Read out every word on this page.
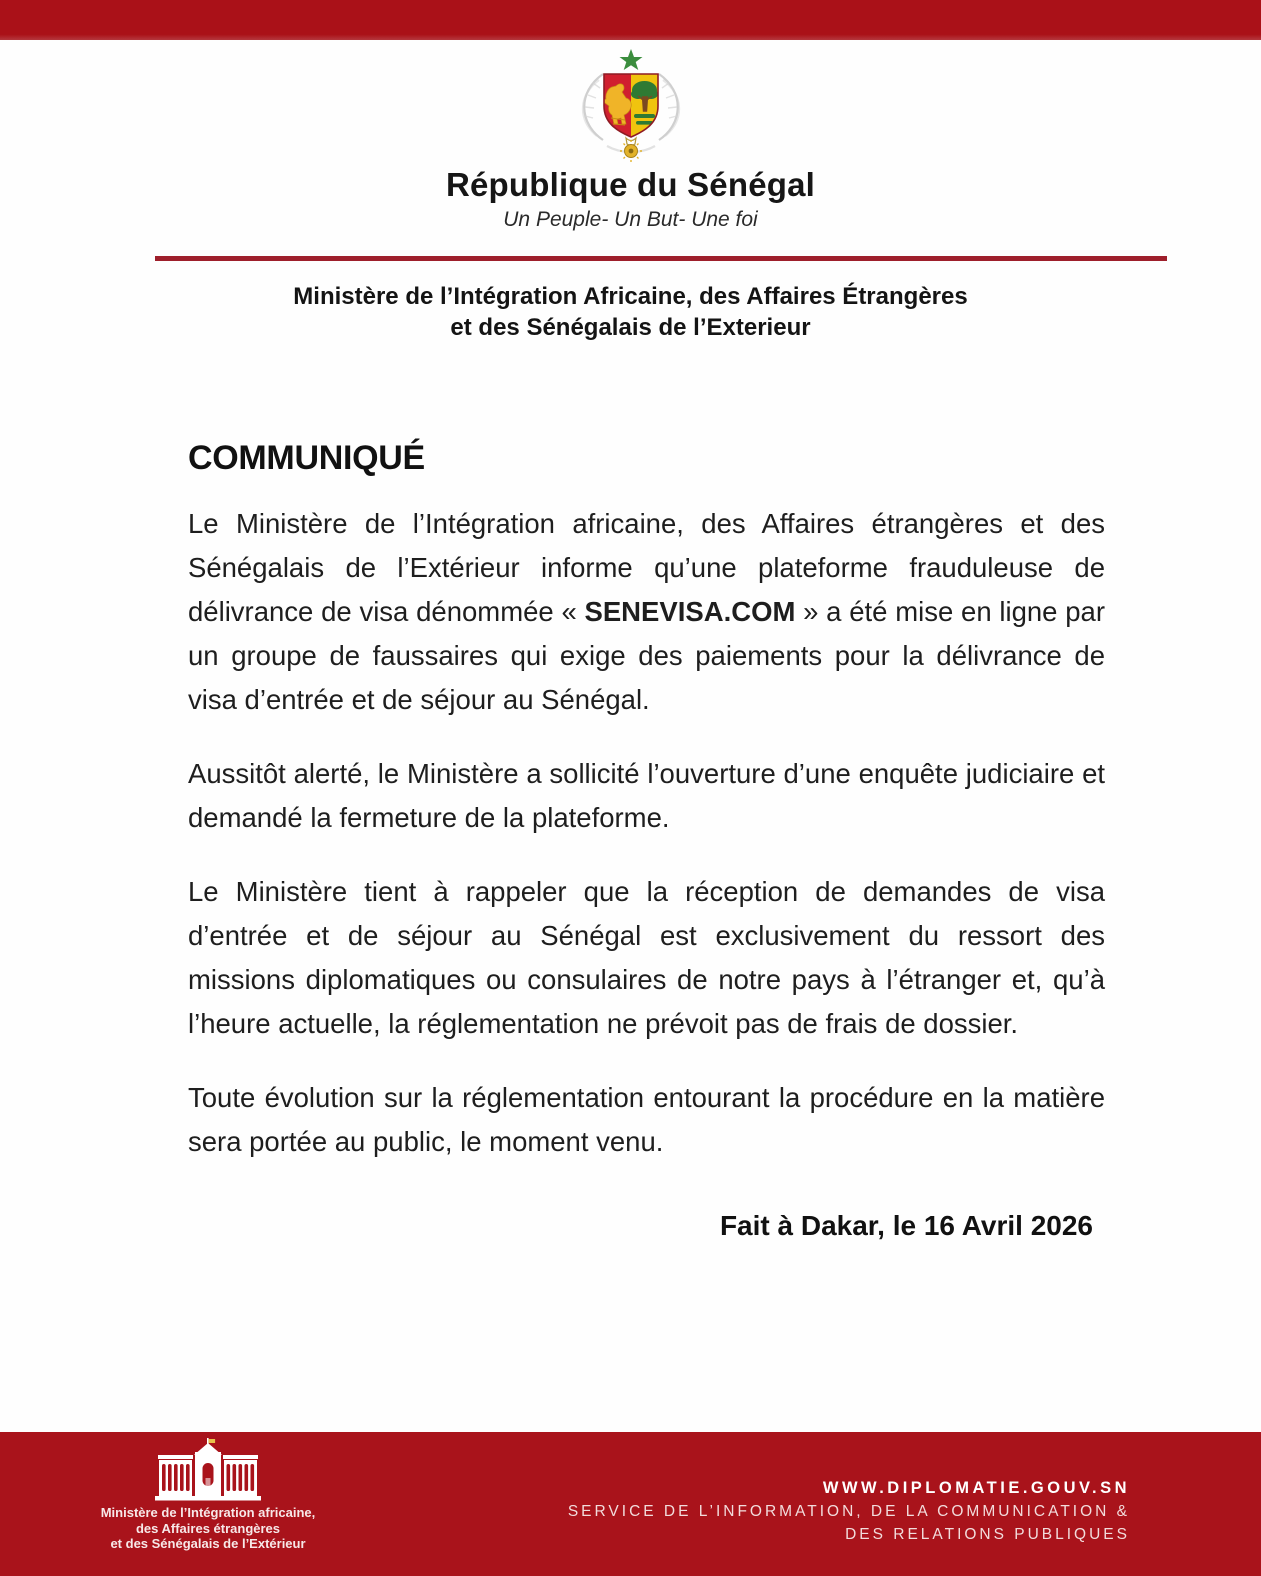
République du Sénégal
Un Peuple- Un But- Une foi
Ministère de l’Intégration Africaine, des Affaires Étrangères
et des Sénégalais de l’Exterieur
COMMUNIQUÉ

Le Ministère de l’Intégration africaine, des Affaires étrangères et des Sénégalais de l’Extérieur informe qu’une plateforme frauduleuse de délivrance de visa dénommée « SENEVISA.COM » a été mise en ligne par un groupe de faussaires qui exige des paiements pour la délivrance de visa d’entrée et de séjour au Sénégal.

Aussitôt alerté, le Ministère a sollicité l’ouverture d’une enquête judiciaire et demandé la fermeture de la plateforme.

Le Ministère tient à rappeler que la réception de demandes de visa d’entrée et de séjour au Sénégal est exclusivement du ressort des missions diplomatiques ou consulaires de notre pays à l’étranger et, qu’à l’heure actuelle, la réglementation ne prévoit pas de frais de dossier.

Toute évolution sur la réglementation entourant la procédure en la matière sera portée au public, le moment venu.

Fait à Dakar, le 16 Avril 2026
Ministère de l’Intégration africaine,
des Affaires étrangères
et des Sénégalais de l’Extérieur
WWW.DIPLOMATIE.GOUV.SN
SERVICE DE L’INFORMATION, DE LA COMMUNICATION &
DES RELATIONS PUBLIQUES
